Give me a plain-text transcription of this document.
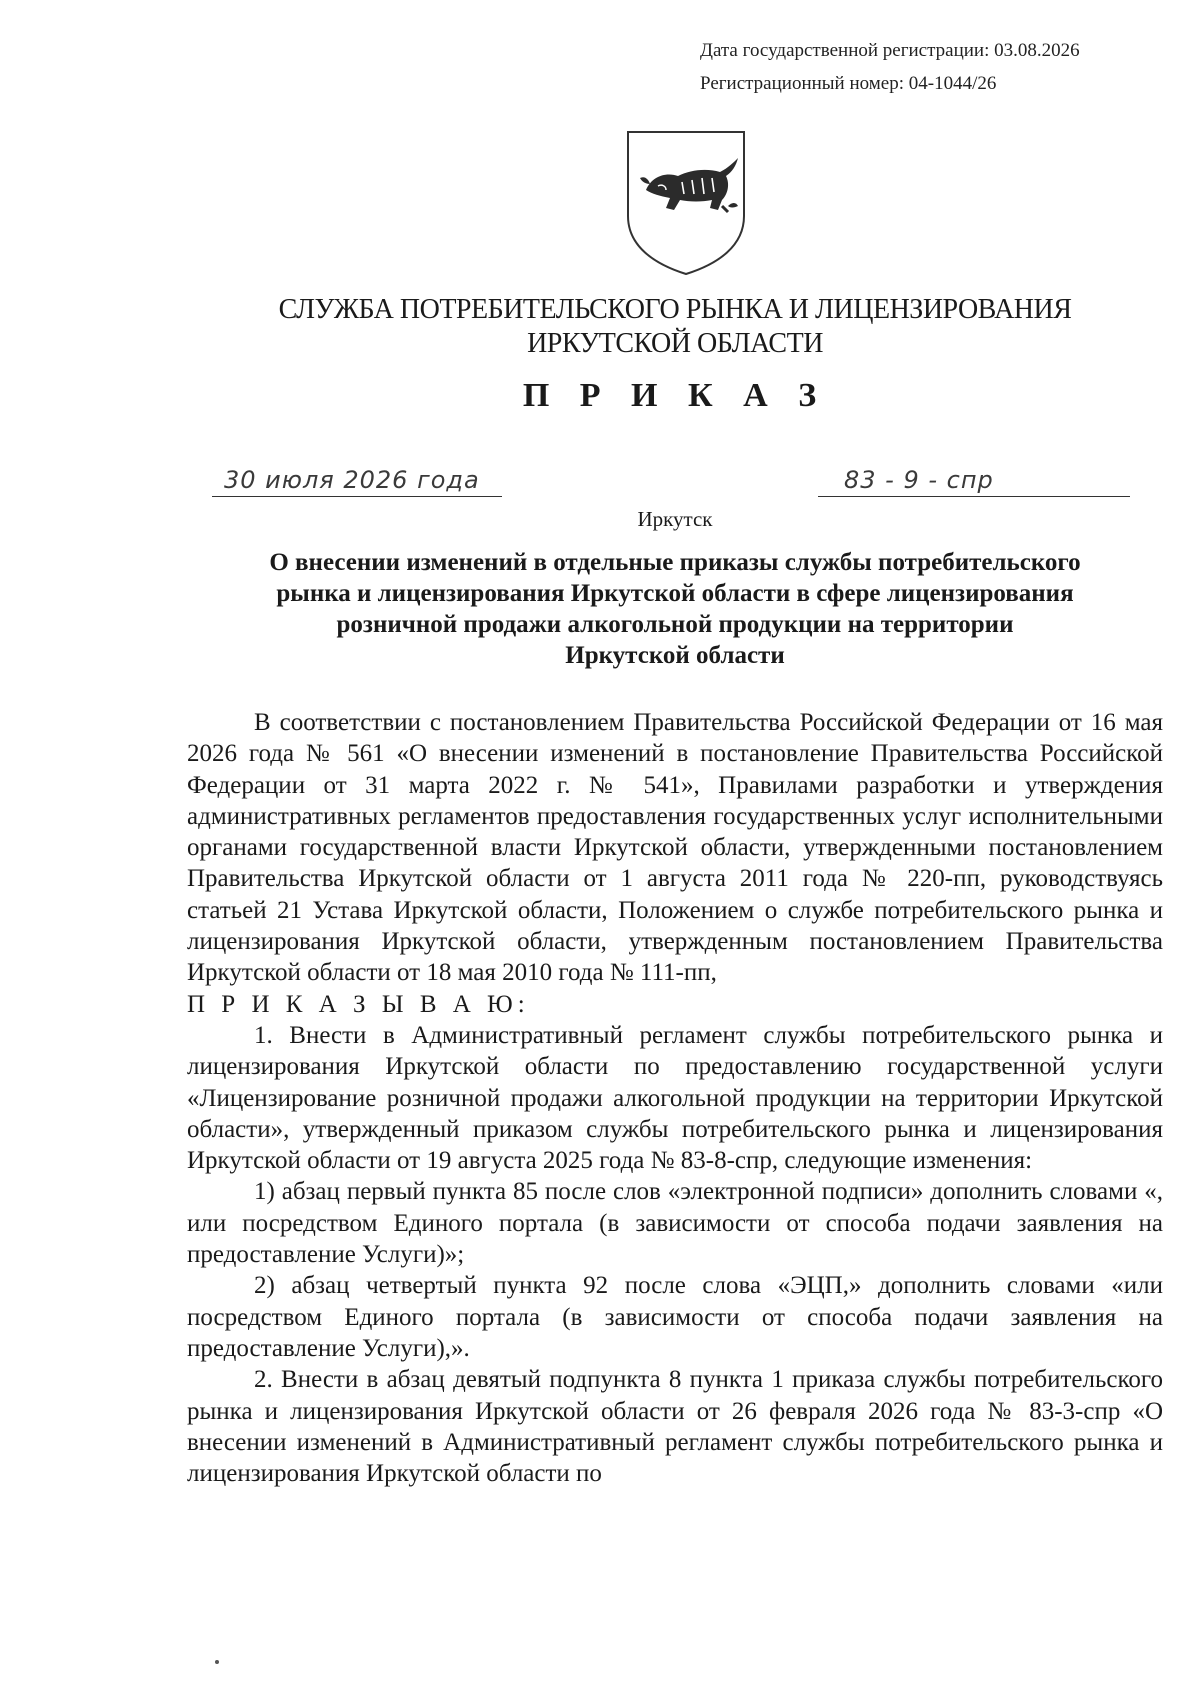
Дата государственной регистрации: 03.08.2026
Регистрационный номер: 04-1044/26
СЛУЖБА ПОТРЕБИТЕЛЬСКОГО РЫНКА И ЛИЦЕНЗИРОВАНИЯ
ИРКУТСКОЙ ОБЛАСТИ
П Р И К А З
30 июля 2026 года	83 - 9 - спр
Иркутск
О внесении изменений в отдельные приказы службы потребительского
рынка и лицензирования Иркутской области в сфере лицензирования
розничной продажи алкогольной продукции на территории
Иркутской области

В соответствии с постановлением Правительства Российской Федерации от 16 мая 2026 года № 561 «О внесении изменений в постановление Правительства Российской Федерации от 31 марта 2022 г. № 541», Правилами разработки и утверждения административных регламентов предоставления государственных услуг исполнительными органами государственной власти Иркутской области, утвержденными постановлением Правительства Иркутской области от 1 августа 2011 года № 220-пп, руководствуясь статьей 21 Устава Иркутской области, Положением о службе потребительского рынка и лицензирования Иркутской области, утвержденным постановлением Правительства Иркутской области от 18 мая 2010 года № 111-пп,

П Р И К А З Ы В А Ю:

1. Внести в Административный регламент службы потребительского рынка и лицензирования Иркутской области по предоставлению государственной услуги «Лицензирование розничной продажи алкогольной продукции на территории Иркутской области», утвержденный приказом службы потребительского рынка и лицензирования Иркутской области от 19 августа 2025 года № 83-8-спр, следующие изменения:

1) абзац первый пункта 85 после слов «электронной подписи» дополнить словами «, или посредством Единого портала (в зависимости от способа подачи заявления на предоставление Услуги)»;

2) абзац четвертый пункта 92 после слова «ЭЦП,» дополнить словами «или посредством Единого портала (в зависимости от способа подачи заявления на предоставление Услуги),».

2. Внести в абзац девятый подпункта 8 пункта 1 приказа службы потребительского рынка и лицензирования Иркутской области от 26 февраля 2026 года № 83-3-спр «О внесении изменений в Административный регламент службы потребительского рынка и лицензирования Иркутской области по
